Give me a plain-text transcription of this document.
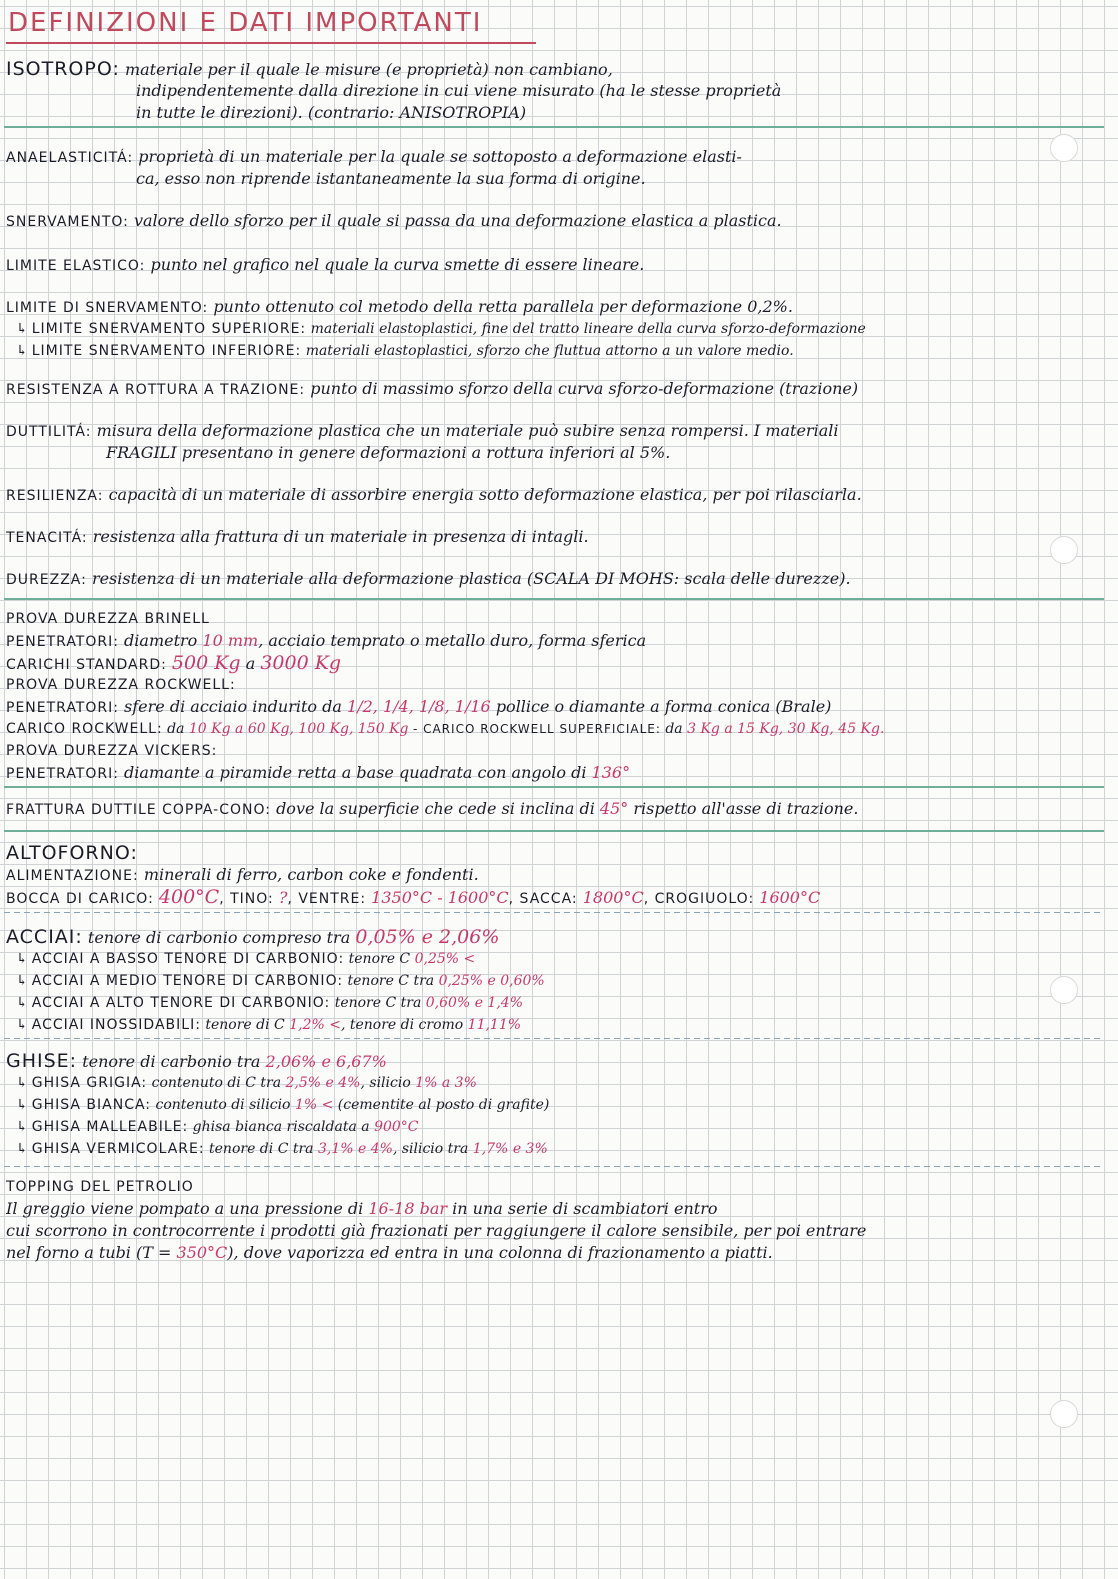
DEFINIZIONI E DATI IMPORTANTI
ISOTROPO: materiale per il quale le misure (e proprietà) non cambiano,
indipendentemente dalla direzione in cui viene misurato (ha le stesse proprietà
in tutte le direzioni). (contrario: ANISOTROPIA)
ANAELASTICITÁ: proprietà di un materiale per la quale se sottoposto a deformazione elasti-
ca, esso non riprende istantaneamente la sua forma di origine.
SNERVAMENTO: valore dello sforzo per il quale si passa da una deformazione elastica a plastica.
LIMITE ELASTICO: punto nel grafico nel quale la curva smette di essere lineare.
LIMITE DI SNERVAMENTO: punto ottenuto col metodo della retta parallela per deformazione 0,2%.
↳ LIMITE SNERVAMENTO SUPERIORE: materiali elastoplastici, fine del tratto lineare della curva sforzo-deformazione
↳ LIMITE SNERVAMENTO INFERIORE: materiali elastoplastici, sforzo che fluttua attorno a un valore medio.
RESISTENZA A ROTTURA A TRAZIONE: punto di massimo sforzo della curva sforzo-deformazione (trazione)
DUTTILITÁ: misura della deformazione plastica che un materiale può subire senza rompersi. I materiali
FRAGILI presentano in genere deformazioni a rottura inferiori al 5%.
RESILIENZA: capacità di un materiale di assorbire energia sotto deformazione elastica, per poi rilasciarla.
TENACITÁ: resistenza alla frattura di un materiale in presenza di intagli.
DUREZZA: resistenza di un materiale alla deformazione plastica (SCALA DI MOHS: scala delle durezze).
PROVA DUREZZA BRINELL
PENETRATORI: diametro 10 mm, acciaio temprato o metallo duro, forma sferica
CARICHI STANDARD: 500 Kg a 3000 Kg
PROVA DUREZZA ROCKWELL:
PENETRATORI: sfere di acciaio indurito da 1/2, 1/4, 1/8, 1/16 pollice o diamante a forma conica (Brale)
CARICO ROCKWELL: da 10 Kg a 60 Kg, 100 Kg, 150 Kg - CARICO ROCKWELL SUPERFICIALE: da 3 Kg a 15 Kg, 30 Kg, 45 Kg.
PROVA DUREZZA VICKERS:
PENETRATORI: diamante a piramide retta a base quadrata con angolo di 136°
FRATTURA DUTTILE COPPA-CONO: dove la superficie che cede si inclina di 45° rispetto all'asse di trazione.
ALTOFORNO:
ALIMENTAZIONE: minerali di ferro, carbon coke e fondenti.
BOCCA DI CARICO: 400°C, TINO: ?, VENTRE: 1350°C - 1600°C, SACCA: 1800°C, CROGIUOLO: 1600°C
ACCIAI: tenore di carbonio compreso tra 0,05% e 2,06%
↳ ACCIAI A BASSO TENORE DI CARBONIO: tenore C 0,25% <
↳ ACCIAI A MEDIO TENORE DI CARBONIO: tenore C tra 0,25% e 0,60%
↳ ACCIAI A ALTO TENORE DI CARBONIO: tenore C tra 0,60% e 1,4%
↳ ACCIAI INOSSIDABILI: tenore di C 1,2% <, tenore di cromo 11,11%
GHISE: tenore di carbonio tra 2,06% e 6,67%
↳ GHISA GRIGIA: contenuto di C tra 2,5% e 4%, silicio 1% a 3%
↳ GHISA BIANCA: contenuto di silicio 1% < (cementite al posto di grafite)
↳ GHISA MALLEABILE: ghisa bianca riscaldata a 900°C
↳ GHISA VERMICOLARE: tenore di C tra 3,1% e 4%, silicio tra 1,7% e 3%
TOPPING DEL PETROLIO
Il greggio viene pompato a una pressione di 16-18 bar in una serie di scambiatori entro
cui scorrono in controcorrente i prodotti già frazionati per raggiungere il calore sensibile, per poi entrare
nel forno a tubi (T = 350°C), dove vaporizza ed entra in una colonna di frazionamento a piatti.
